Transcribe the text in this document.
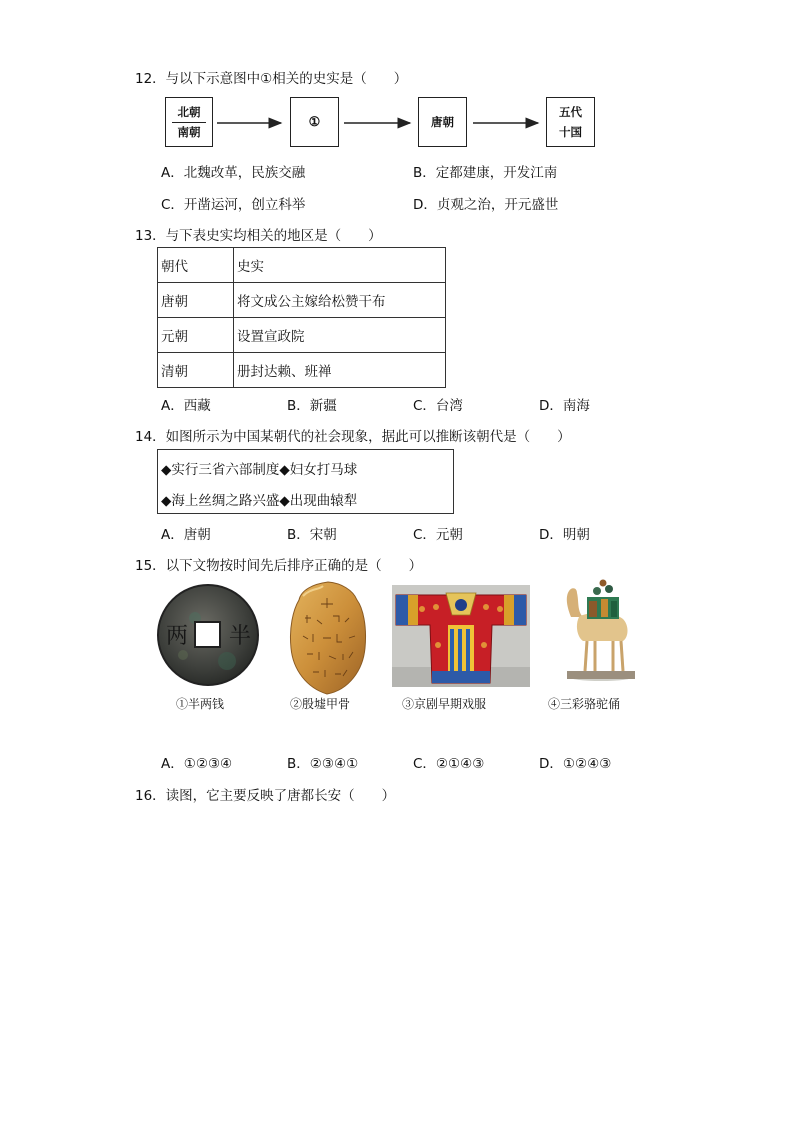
12．与以下示意图中①相关的史实是（　　）
北朝
南朝
①	唐朝
五代
十国
A．北魏改革，民族交融	B．定都建康，开发江南
C．开凿运河，创立科举	D．贞观之治，开元盛世
13．与下表史实均相关的地区是（　　）
朝代	史实
唐朝	将文成公主嫁给松赞干布
元朝	设置宣政院
清朝	册封达赖、班禅
A．西藏	B．新疆	C．台湾	D．南海
14．如图所示为中国某朝代的社会现象，据此可以推断该朝代是（　　）
◆实行三省六部制度◆妇女打马球
◆海上丝绸之路兴盛◆出现曲辕犁
A．唐朝	B．宋朝	C．元朝	D．明朝
15．以下文物按时间先后排序正确的是（　　）
两 半
①半两钱	②殷墟甲骨	③京剧早期戏服	④三彩骆驼俑
A．①②③④	B．②③④①	C．②①④③	D．①②④③
16．读图，它主要反映了唐都长安（　　）
